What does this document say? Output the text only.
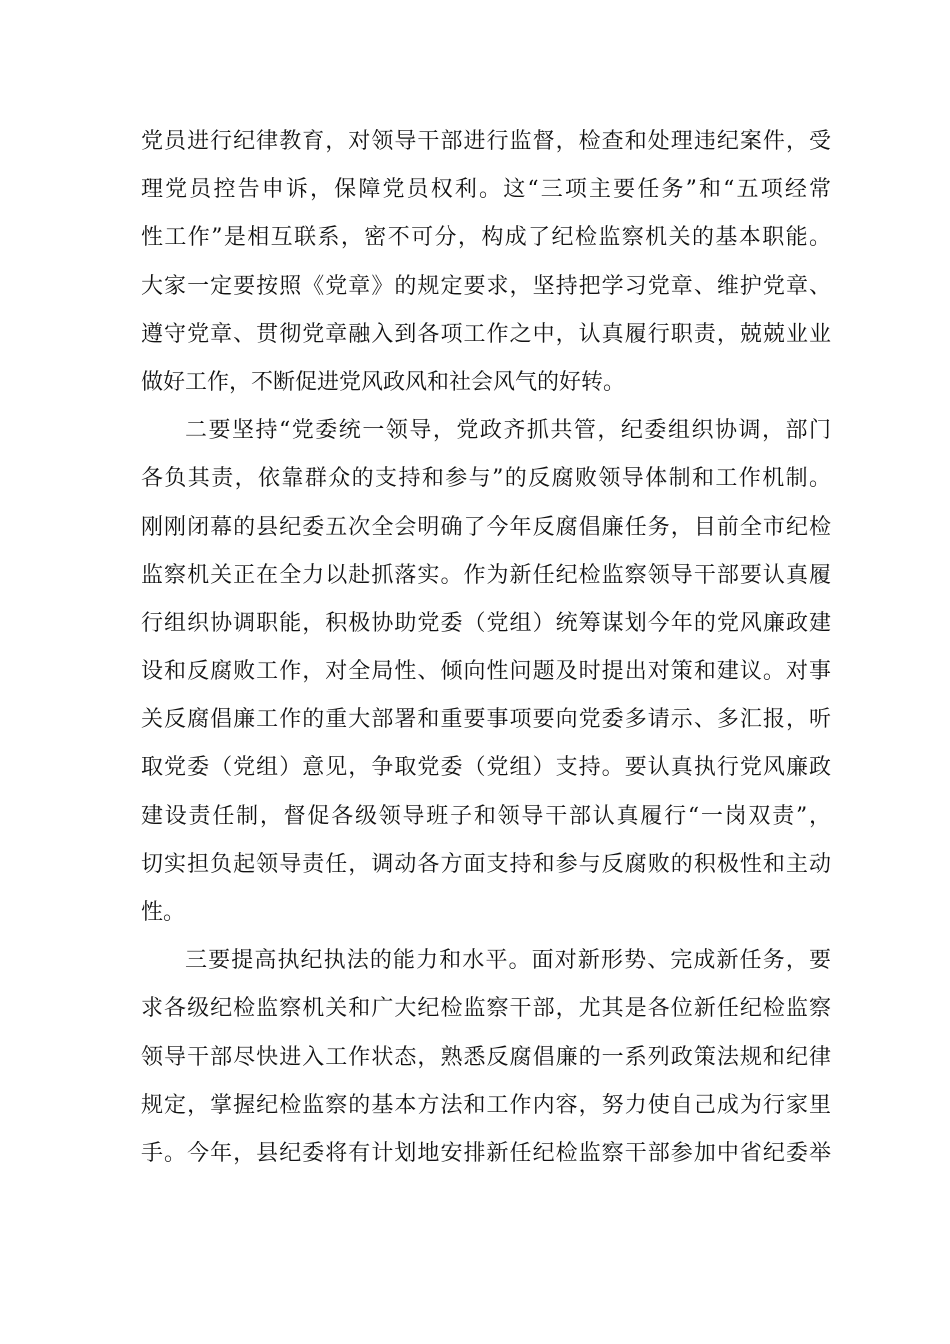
党员进行纪律教育，对领导干部进行监督，检查和处理违纪案件，受
理党员控告申诉，保障党员权利。这“三项主要任务”和“五项经常
性工作”是相互联系，密不可分，构成了纪检监察机关的基本职能。
大家一定要按照《党章》的规定要求，坚持把学习党章、维护党章、
遵守党章、贯彻党章融入到各项工作之中，认真履行职责，兢兢业业
做好工作，不断促进党风政风和社会风气的好转。
二要坚持“党委统一领导，党政齐抓共管，纪委组织协调，部门
各负其责，依靠群众的支持和参与”的反腐败领导体制和工作机制。
刚刚闭幕的县纪委五次全会明确了今年反腐倡廉任务，目前全市纪检
监察机关正在全力以赴抓落实。作为新任纪检监察领导干部要认真履
行组织协调职能，积极协助党委（党组）统筹谋划今年的党风廉政建
设和反腐败工作，对全局性、倾向性问题及时提出对策和建议。对事
关反腐倡廉工作的重大部署和重要事项要向党委多请示、多汇报，听
取党委（党组）意见，争取党委（党组）支持。要认真执行党风廉政
建设责任制，督促各级领导班子和领导干部认真履行“一岗双责”，
切实担负起领导责任，调动各方面支持和参与反腐败的积极性和主动
性。
三要提高执纪执法的能力和水平。面对新形势、完成新任务，要
求各级纪检监察机关和广大纪检监察干部，尤其是各位新任纪检监察
领导干部尽快进入工作状态，熟悉反腐倡廉的一系列政策法规和纪律
规定，掌握纪检监察的基本方法和工作内容，努力使自己成为行家里
手。今年，县纪委将有计划地安排新任纪检监察干部参加中省纪委举
